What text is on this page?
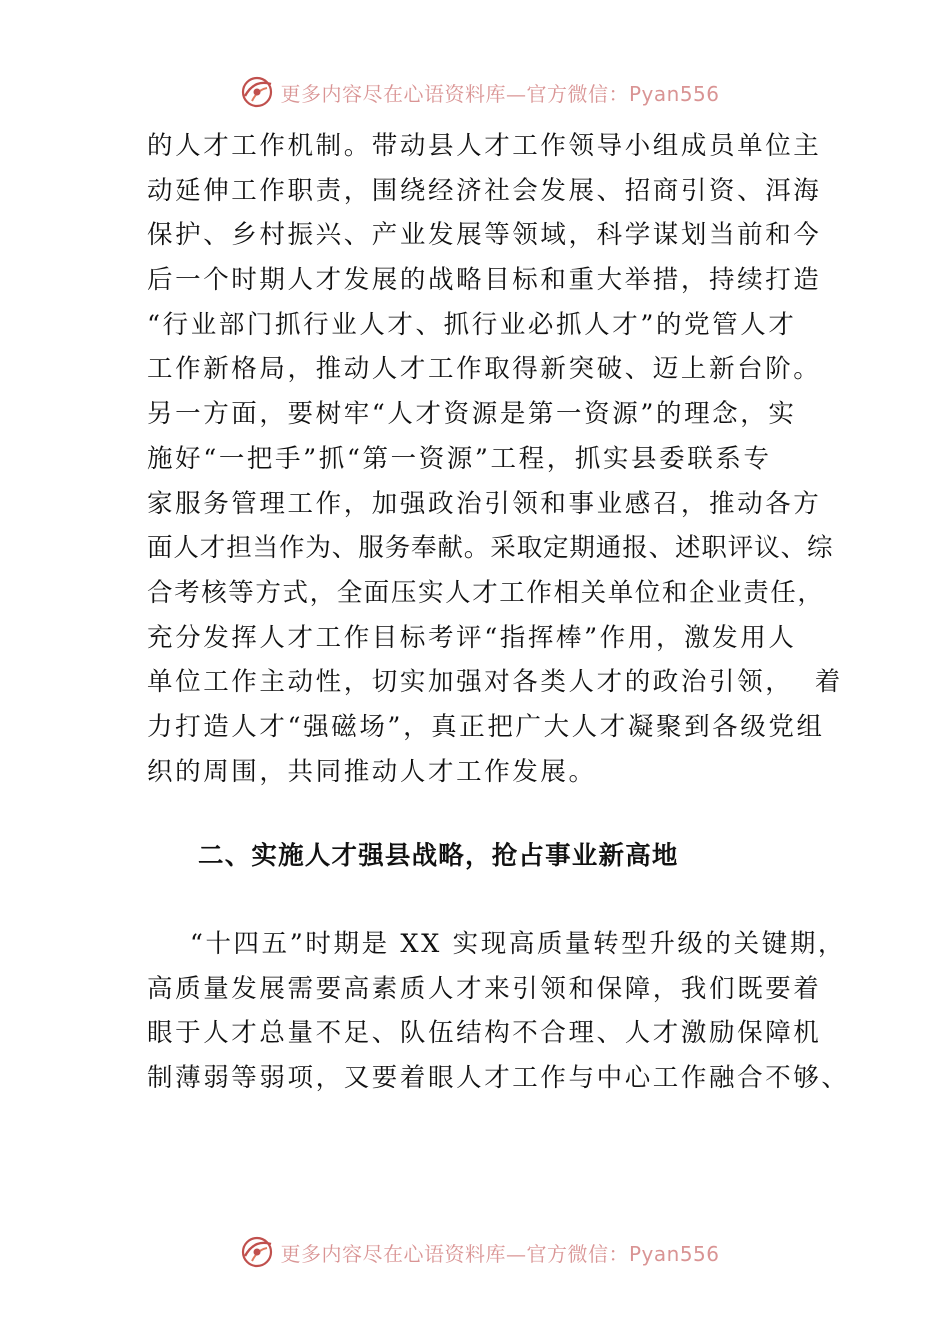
更多内容尽在心语资料库—官方微信：Pyan556
的人才工作机制。带动县人才工作领导小组成员单位主
动延伸工作职责，围绕经济社会发展、招商引资、洱海
保护、乡村振兴、产业发展等领域，科学谋划当前和今
后一个时期人才发展的战略目标和重大举措，持续打造
“行业部门抓行业人才、抓行业必抓人才”的党管人才
工作新格局，推动人才工作取得新突破、迈上新台阶。
另一方面，要树牢“人才资源是第一资源”的理念，实
施好“一把手”抓“第一资源”工程，抓实县委联系专
家服务管理工作，加强政治引领和事业感召，推动各方
面人才担当作为、服务奉献。采取定期通报、述职评议、综
合考核等方式，全面压实人才工作相关单位和企业责任，
充分发挥人才工作目标考评“指挥棒”作用，激发用人
单位工作主动性，切实加强对各类人才的政治引领，  着
力打造人才“强磁场”，真正把广大人才凝聚到各级党组
织的周围，共同推动人才工作发展。
二、实施人才强县战略，抢占事业新高地
“十四五”时期是 XX 实现高质量转型升级的关键期，
高质量发展需要高素质人才来引领和保障，我们既要着
眼于人才总量不足、队伍结构不合理、人才激励保障机
制薄弱等弱项，又要着眼人才工作与中心工作融合不够、
更多内容尽在心语资料库—官方微信：Pyan556
